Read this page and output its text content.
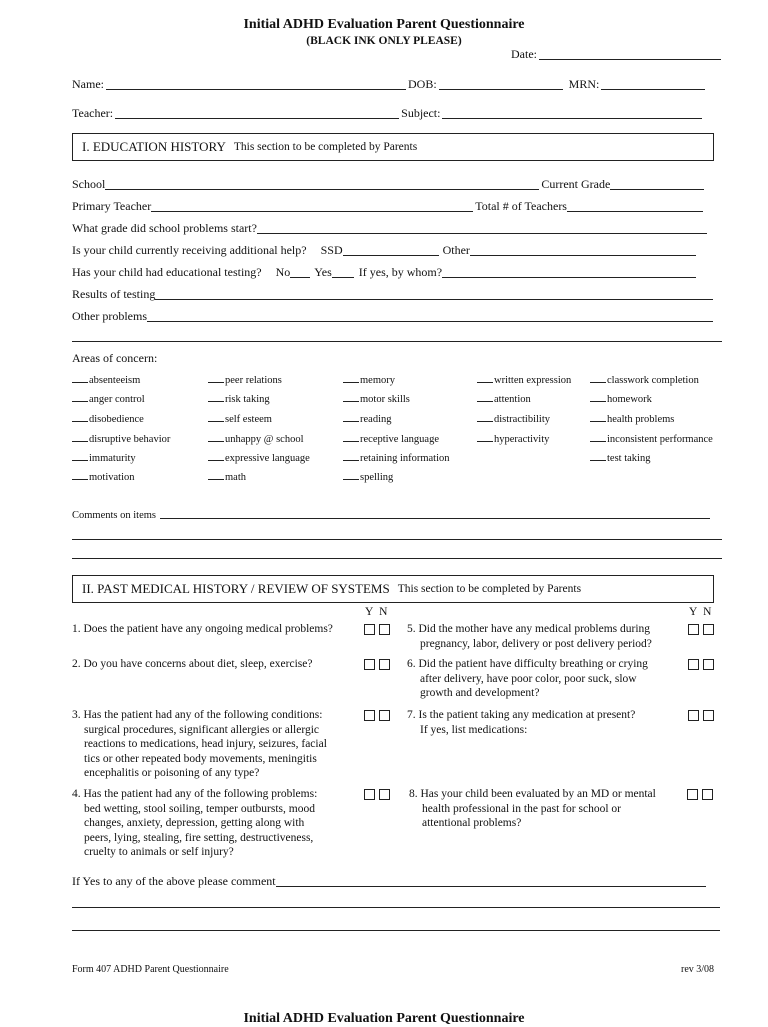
Initial ADHD Evaluation Parent Questionnaire
(BLACK INK ONLY PLEASE)
Date:
Name:	DOB:	MRN:
Teacher:	Subject:
I. EDUCATION HISTORY This section to be completed by Parents
School	Current Grade
Primary Teacher	Total # of Teachers
What grade did school problems start?
Is your child currently receiving additional help? SSD	Other
Has your child had educational testing? No Yes If yes, by whom?
Results of testing
Other problems
Areas of concern:
absenteeism
anger control
disobedience
disruptive behavior
immaturity
motivation
peer relations
risk taking
self esteem
unhappy @ school
expressive language
math
memory
motor skills
reading
receptive language
retaining information
spelling
written expression
attention
distractibility
hyperactivity
classwork completion
homework
health problems
inconsistent performance
test taking
Comments on items
II. PAST MEDICAL HISTORY / REVIEW OF SYSTEMS This section to be completed by Parents
Y N	Y N
1. Does the patient have any ongoing medical problems?
2. Do you have concerns about diet, sleep, exercise?
3. Has the patient had any of the following conditions:
surgical procedures, significant allergies or allergic
reactions to medications, head injury, seizures, facial
tics or other repeated body movements, meningitis
encephalitis or poisoning of any type?
4. Has the patient had any of the following problems:
bed wetting, stool soiling, temper outbursts, mood
changes, anxiety, depression, getting along with
peers, lying, stealing, fire setting, destructiveness,
cruelty to animals or self injury?
5. Did the mother have any medical problems during
pregnancy, labor, delivery or post delivery period?
6. Did the patient have difficulty breathing or crying
after delivery, have poor color, poor suck, slow
growth and development?
7. Is the patient taking any medication at present?
If yes, list medications:
8. Has your child been evaluated by an MD or mental
health professional in the past for school or
attentional problems?
If Yes to any of the above please comment
Form 407 ADHD Parent Questionnaire	rev 3/08
Initial ADHD Evaluation Parent Questionnaire
